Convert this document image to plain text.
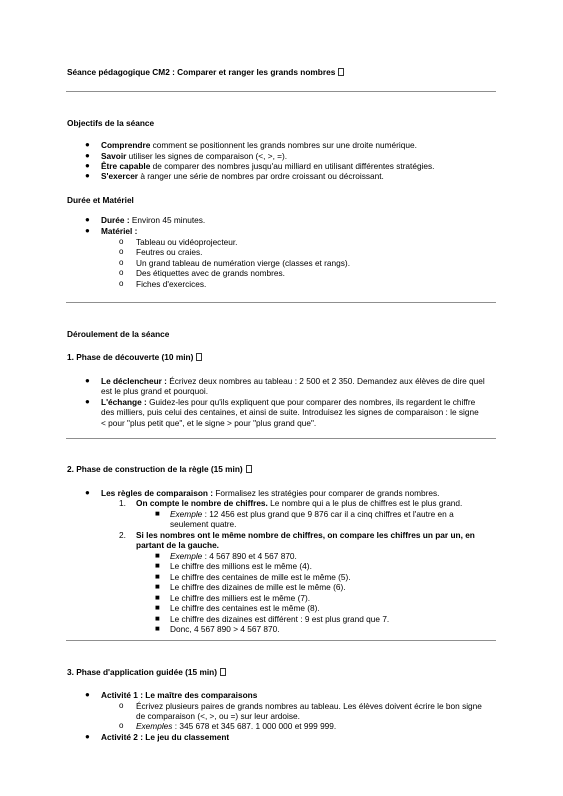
Séance pédagogique CM2 : Comparer et ranger les grands nombres
Objectifs de la séance
● Comprendre comment se positionnent les grands nombres sur une droite numérique.
● Savoir utiliser les signes de comparaison (<, >, =).
● Être capable de comparer des nombres jusqu'au milliard en utilisant différentes stratégies.
● S'exercer à ranger une série de nombres par ordre croissant ou décroissant.
Durée et Matériel
● Durée : Environ 45 minutes.
● Matériel :
o Tableau ou vidéoprojecteur.
o Feutres ou craies.
o Un grand tableau de numération vierge (classes et rangs).
o Des étiquettes avec de grands nombres.
o Fiches d'exercices.
Déroulement de la séance
1. Phase de découverte (10 min)
● Le déclencheur : Écrivez deux nombres au tableau : 2 500 et 2 350. Demandez aux élèves de dire quel
est le plus grand et pourquoi.
● L'échange : Guidez-les pour qu'ils expliquent que pour comparer des nombres, ils regardent le chiffre
des milliers, puis celui des centaines, et ainsi de suite. Introduisez les signes de comparaison : le signe
< pour "plus petit que", et le signe > pour "plus grand que".
2. Phase de construction de la règle (15 min)
● Les règles de comparaison : Formalisez les stratégies pour comparer de grands nombres.
1. On compte le nombre de chiffres. Le nombre qui a le plus de chiffres est le plus grand.
■ Exemple : 12 456 est plus grand que 9 876 car il a cinq chiffres et l'autre en a
seulement quatre.
2. Si les nombres ont le même nombre de chiffres, on compare les chiffres un par un, en
partant de la gauche.
■ Exemple : 4 567 890 et 4 567 870.
■ Le chiffre des millions est le même (4).
■ Le chiffre des centaines de mille est le même (5).
■ Le chiffre des dizaines de mille est le même (6).
■ Le chiffre des milliers est le même (7).
■ Le chiffre des centaines est le même (8).
■ Le chiffre des dizaines est différent : 9 est plus grand que 7.
■ Donc, 4 567 890 > 4 567 870.
3. Phase d'application guidée (15 min)
● Activité 1 : Le maître des comparaisons
o Écrivez plusieurs paires de grands nombres au tableau. Les élèves doivent écrire le bon signe
de comparaison (<, >, ou =) sur leur ardoise.
o Exemples : 345 678 et 345 687. 1 000 000 et 999 999.
● Activité 2 : Le jeu du classement
